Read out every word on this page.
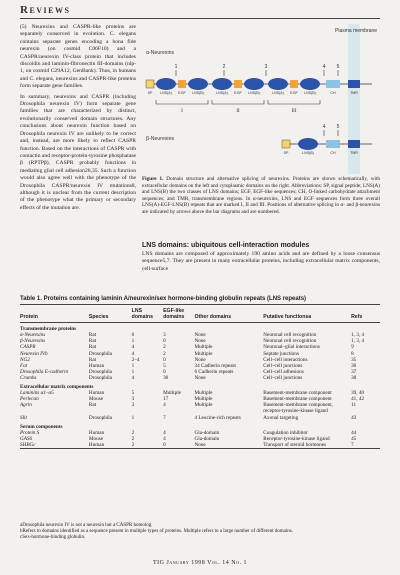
Reviews

(5) Neurexins and CASPR-like proteins are separately conserved in evolution. C. elegans contains separate genes encoding a bona fide neurexin (on cosmid C06F10) and a CASPR/neurexin IV-class protein that includes discoidin and laminin-fibronectin III-domains (nlp-1, on cosmid C29A12, GenBank). Thus, in humans and C. elegans, neurexins and CASPR-like proteins form separate gene families.

In summary, neurexins and CASPR (including Drosophila neurexin IV) form separate gene families that are characterized by distinct, evolutionarily conserved domain structures. Any conclusions about neurexin function based on Drosophila neurexin IV are unlikely to be correct and, instead, are more likely to reflect CASPR function. Based on the interactions of CASPR with contactin and receptor-protein-tyrosine phosphatase β (RPTPβ), CASPR probably functions in mediating glial cell adhesion26,35. Such a function would also agree well with the phenotype of the Drosophila CASPR/neurexin IV mutations8, although it is unclear from the current description of the phenotype what the primary or secondary effects of the mutation are.

Plasma membrane
α-Neurexins
1	2	3	4 5
SP LNS(A) EGF LNS(B)	LNS(A) EGF LNS(B)	LNS(A) EGF LNS(B)	CH	TMR
I	II	III
β-Neurexins
4 5
SP	LNS(B)	CH	TMR
Figure 1. Domain structure and alternative splicing of neurexins. Proteins are shown schematically, with extracellular domains on the left and cytoplasmic domains on the right. Abbreviations: SP, signal peptide; LNS(A) and LNS(B) the two classes of LNS domains; EGF, EGF-like sequences; CH, O-linked carbohydrate attachment sequences; and TMR, transmembrane regions. In α-neurexins, LNS and EGF sequences form three overall LNS(A)-EGF-LNS(B) repeats that are marked I, II and III. Positions of alternative splicing in α- and β-neurexins are indicated by arrows above the bar diagrams and are numbered.
LNS domains: ubiquitous cell-interaction modules
LNS domains are composed of approximately 190 amino acids and are defined by a loose consensus sequence5,7. They are present in many extracellular proteins, including extracellular matrix components, cell-surface
Table 1. Proteins containing laminin A/neurexin/sex hormone-binding globulin repeats (LNS repeats)
Protein	Species	LNS domains	EGF-like domains	Other domains	Putative functionsa	Refs
Transmembrane proteins						
α-Neurexins	Rat	6	3	None	Neuronal cell recognition	1, 3, 4
β-Neurexins	Rat	1	0	None	Neuronal cell recognition	1, 3, 4
CASPR	Rat	4	2	Multiple	Neuronal–glial interactions	9
Neurexin IVb	Drosophila	4	2	Multiple	Septate junctions	8
NG2	Rat	2–4	0	None	Cell–cell interactions	35
Fat	Human	1	5	34 Cadherin repeats	Cell–cell junctions	36
Drosophila E-cadherin	Drosophila	1	0	6 Cadherin repeats	Cell–cell adhesions	37
Crumbs	Drosophila	4	30	None	Cell–cell junctions	38
Extracellular matrix components						
Laminins α1–α5	Human	5	Multiple	Multiple	Basement-membrane component	39, 40
Perlecan	Mouse	3	17	Multiple	Basement-membrane component	41, 42
Agrin	Rat	3	4	Multiple	Basement-membrane component, receptor-tyrosine-kinase ligand	11
Slit	Drosophila	1	7	4 Leucine-rich repeats	Axonal targeting	43
Serum components						
Protein S	Human	2	4	Gla-domain	Coagulation inhibitor	44
GAS6	Mouse	2	4	Gla-domain	Receptor-tyrosine-kinase ligand	45
SHBGc	Human	2	0	None	Transport of steroid hormones	7
aDrosophila neurexin IV is not a neurexin but a CASPR homolog.
bRefers to domains identified as a sequence present in multiple types of proteins. Multiple refers to a large number of different domains.
cSex-hormone-binding globulin.
TIG January 1998 Vol. 14 No. 1
